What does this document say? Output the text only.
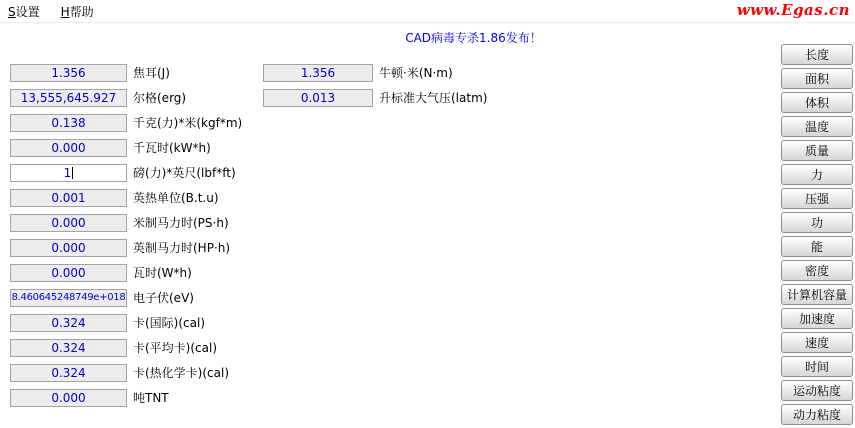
S设置 H帮助	www.Egas.cn
CAD病毒专杀1.86发布！
1.356	焦耳(J)
13,555,645.927	尔格(erg)
0.138	千克(力)*米(kgf*m)
0.000	千瓦时(kW*h)
1	磅(力)*英尺(lbf*ft)
0.001	英热单位(B.t.u)
0.000	米制马力时(PS·h)
0.000	英制马力时(HP·h)
0.000	瓦时(W*h)
8.460645248749e+018 电子伏(eV)
0.324	卡(国际)(cal)
0.324	卡(平均卡)(cal)
0.324	卡(热化学卡)(cal)
0.000	吨TNT
1.356	牛顿·米(N·m)
0.013	升标准大气压(latm)
长度
面积
体积
温度
质量
力
压强
功
能
密度
计算机容量
加速度
速度
时间
运动粘度
动力粘度
